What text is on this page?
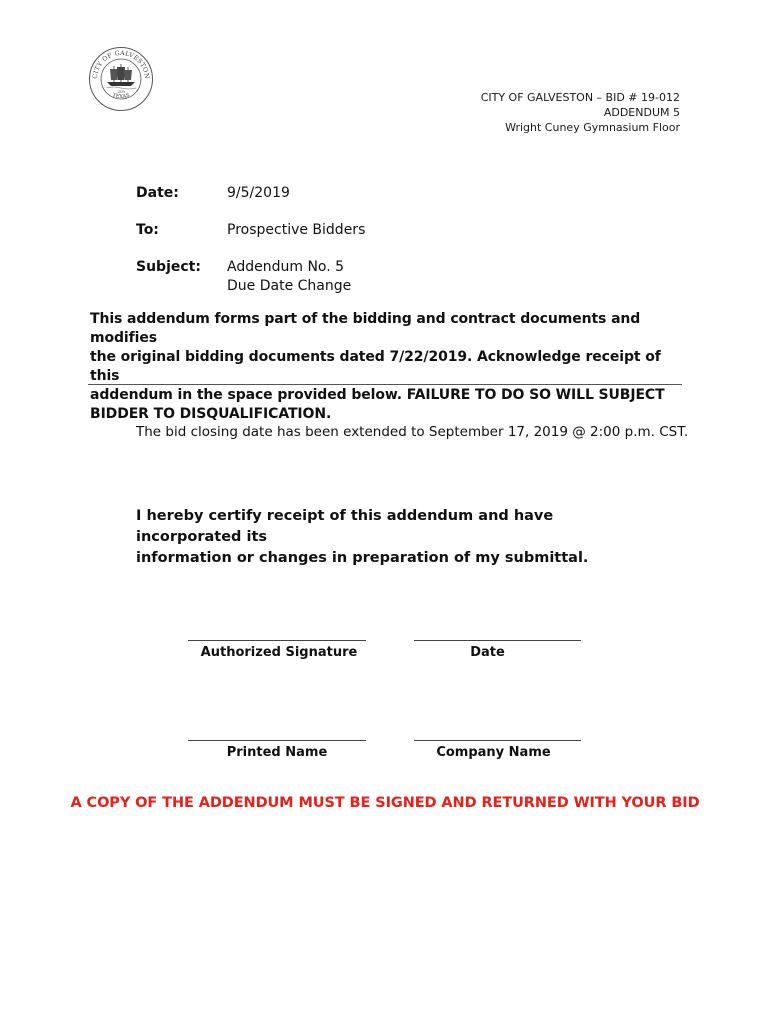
CITY OF GALVESTON
TEXAS
1839	CITY OF GALVESTON – BID # 19-012
ADDENDUM 5
Wright Cuney Gymnasium Floor
Date:	9/5/2019
To:	Prospective Bidders
Subject: Addendum No. 5
Due Date Change
This addendum forms part of the bidding and contract documents and modifies
the original bidding documents dated 7/22/2019. Acknowledge receipt of this
addendum in the space provided below. FAILURE TO DO SO WILL SUBJECT
BIDDER TO DISQUALIFICATION.
The bid closing date has been extended to September 17, 2019 @ 2:00 p.m. CST.
I hereby certify receipt of this addendum and have incorporated its
information or changes in preparation of my submittal.
Authorized Signature	Date
Printed Name	Company Name
A COPY OF THE ADDENDUM MUST BE SIGNED AND RETURNED WITH YOUR BID
